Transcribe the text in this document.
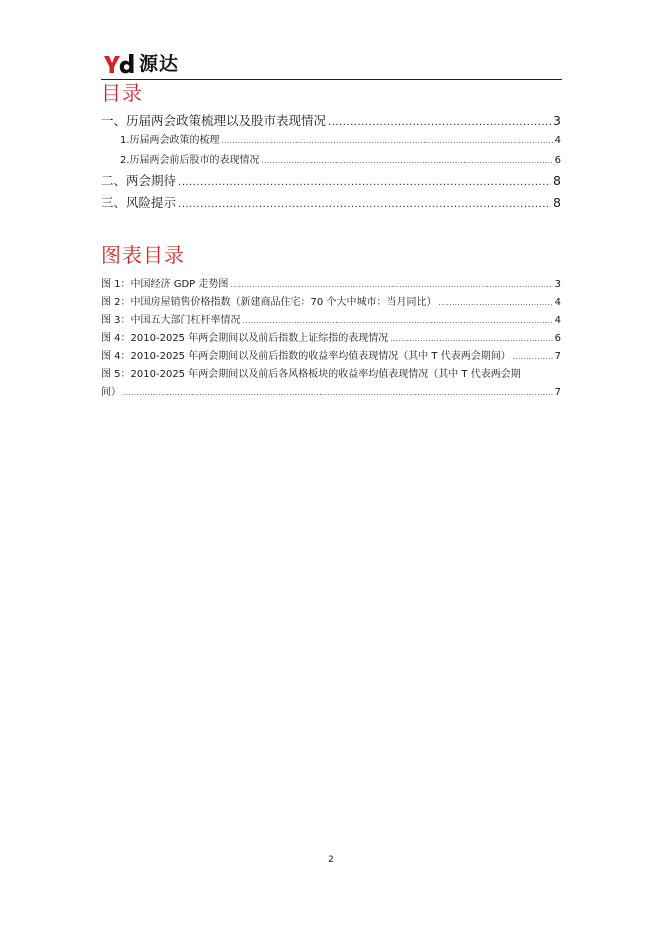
源达
目录
一、历届两会政策梳理以及股市表现情况 .....	3
1.历届两会政策的梳理 .....	4
2.历届两会前后股市的表现情况 .....	6
二、两会期待 .....	8
三、风险提示 .....	8
图表目录
图 1：中国经济 GDP 走势图 .....	3
图 2：中国房屋销售价格指数（新建商品住宅：70 个大中城市：当月同比） .....	4
图 3：中国五大部门杠杆率情况 .....	4
图 4：2010-2025 年两会期间以及前后指数上证综指的表现情况 .....	6
图 4：2010-2025 年两会期间以及前后指数的收益率均值表现情况（其中 T 代表两会期间） .....	7
图 5：2010-2025 年两会期间以及前后各风格板块的收益率均值表现情况（其中 T 代表两会期
间） .....	7
2
